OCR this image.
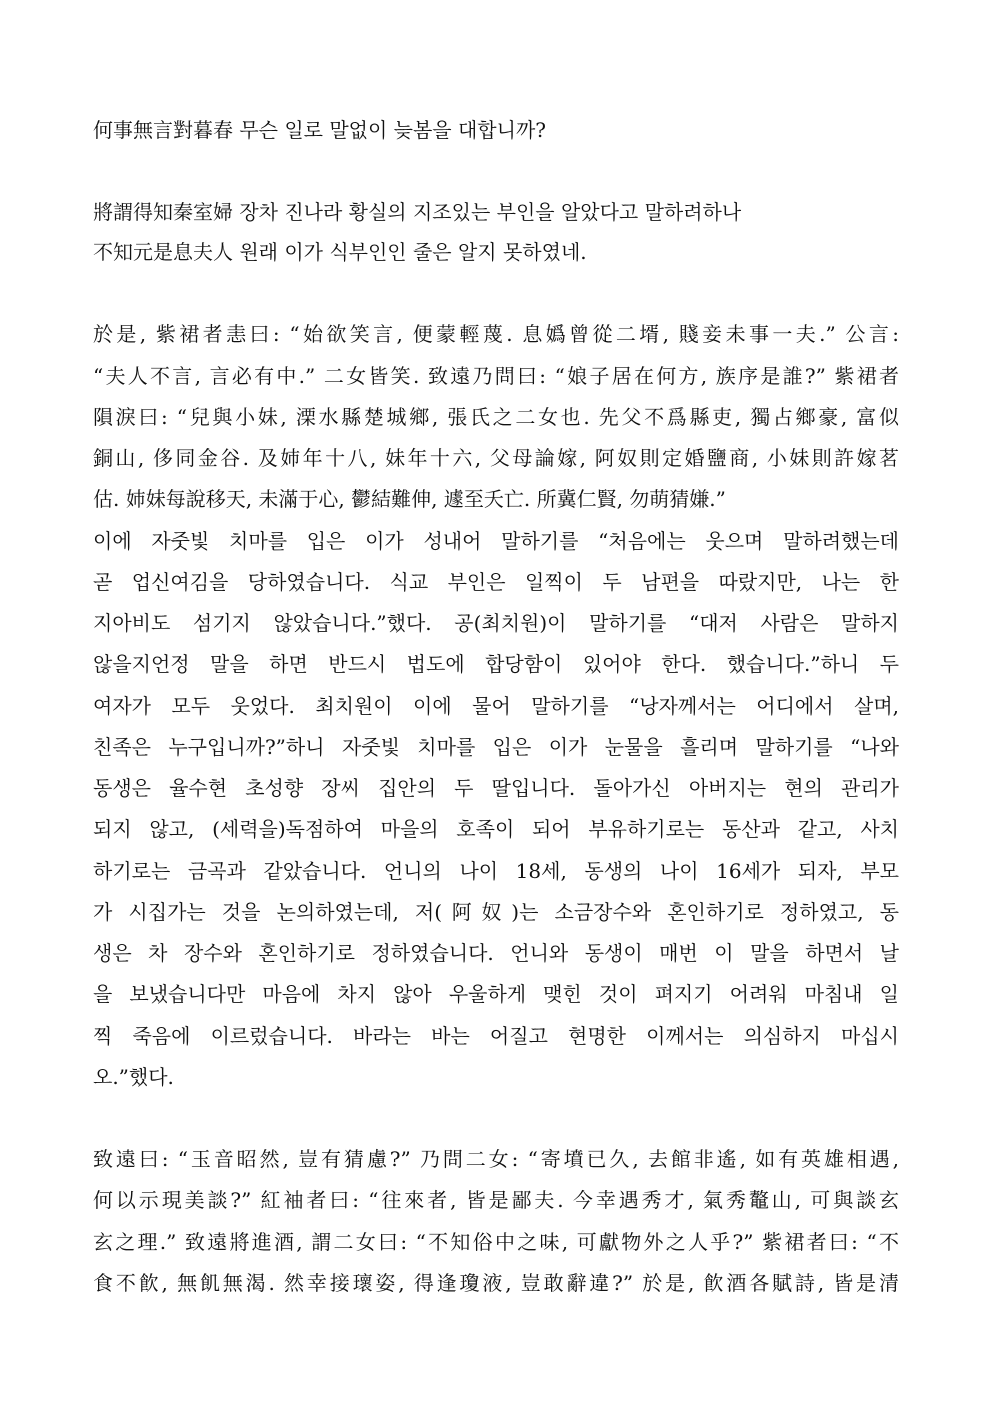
何事無言對暮春 무슨 일로 말없이 늦봄을 대합니까?
將謂得知秦室婦 장차 진나라 황실의 지조있는 부인을 알았다고 말하려하나
不知元是息夫人 원래 이가 식부인인 줄은 알지 못하였네.
於是, 紫裙者恚曰: “始欲笑言, 便蒙輕蔑. 息嬀曾從二壻, 賤妾未事一夫.” 公言:
“夫人不言, 言必有中.” 二女皆笑. 致遠乃問曰: “娘子居在何方, 族序是誰?” 紫裙者
隕淚曰: “兒與小妹, 溧水縣楚城鄉, 張氏之二女也. 先父不爲縣吏, 獨占鄉豪, 富似
銅山, 侈同金谷. 及姉年十八, 妹年十六, 父母論嫁, 阿奴則定婚鹽商, 小妹則許嫁茗
估. 姉妹每說移天, 未滿于心, 鬱結難伸, 遽至夭亡. 所冀仁賢, 勿萌猜嫌.”
이에 자줏빛 치마를 입은 이가 성내어 말하기를 “처음에는 웃으며 말하려했는데
곧 업신여김을 당하였습니다. 식교 부인은 일찍이 두 남편을 따랐지만, 나는 한
지아비도 섬기지 않았습니다.”했다. 공(최치원)이 말하기를 “대저 사람은 말하지
않을지언정 말을 하면 반드시 법도에 합당함이 있어야 한다. 했습니다.”하니 두
여자가 모두 웃었다. 최치원이 이에 물어 말하기를 “낭자께서는 어디에서 살며,
친족은 누구입니까?”하니 자줏빛 치마를 입은 이가 눈물을 흘리며 말하기를 “나와
동생은 율수현 초성향 장씨 집안의 두 딸입니다. 돌아가신 아버지는 현의 관리가
되지 않고, (세력을)독점하여 마을의 호족이 되어 부유하기로는 동산과 같고, 사치
하기로는 금곡과 같았습니다. 언니의 나이 18세, 동생의 나이 16세가 되자, 부모
가 시집가는 것을 논의하였는데, 저(阿奴)는 소금장수와 혼인하기로 정하였고, 동
생은 차 장수와 혼인하기로 정하였습니다. 언니와 동생이 매번 이 말을 하면서 날
을 보냈습니다만 마음에 차지 않아 우울하게 맺힌 것이 펴지기 어려워 마침내 일
찍 죽음에 이르렀습니다. 바라는 바는 어질고 현명한 이께서는 의심하지 마십시
오.”했다.
致遠曰: “玉音昭然, 豈有猜慮?” 乃問二女: “寄墳已久, 去館非遙, 如有英雄相遇,
何以示現美談?” 紅袖者曰: “往來者, 皆是鄙夫. 今幸遇秀才, 氣秀鼇山, 可與談玄
玄之理.” 致遠將進酒, 謂二女曰: “不知俗中之味, 可獻物外之人乎?” 紫裙者曰: “不
食不飮, 無飢無渴. 然幸接瓌姿, 得逢瓊液, 豈敢辭違?” 於是, 飮酒各賦詩, 皆是清
